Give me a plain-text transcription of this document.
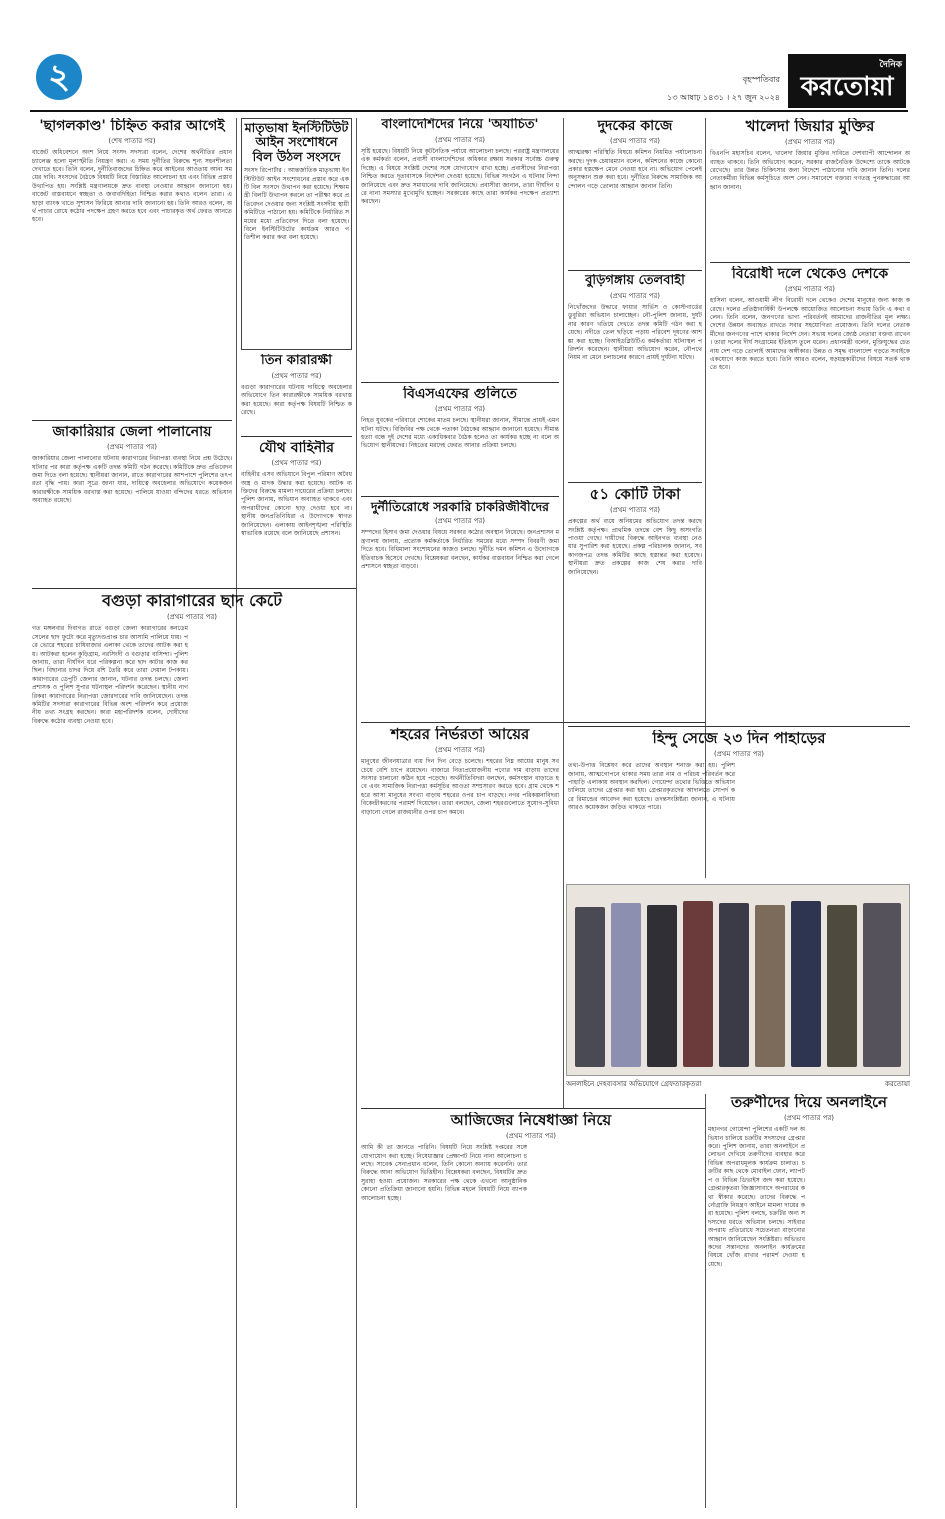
২	বৃহস্পতিবার
১৩ আষাঢ় ১৪৩১ । ২৭ জুন ২০২৪
দৈনিক
করতোয়া
'ছাগলকাণ্ড' চিহ্নিত করার আগেই
(শেষ পাতার পর)
বাজেট অধিবেশনে অংশ নিয়ে সংসদ সদস্যরা বলেন, দেশের অর্থনীতির প্রধান চ্যালেঞ্জ হলো মূল্যস্ফীতি নিয়ন্ত্রণ করা। এ সময় দুর্নীতির বিরুদ্ধে শূন্য সহনশীলতা দেখাতে হবে। তিনি বলেন, দুর্নীতিবাজদের চিহ্নিত করে আইনের আওতায় আনা সময়ের দাবি। সংসদের বৈঠকে বিষয়টি নিয়ে বিস্তারিত আলোচনা হয় এবং বিভিন্ন প্রস্তাব উত্থাপিত হয়। সংশ্লিষ্ট মন্ত্রণালয়কে দ্রুত ব্যবস্থা নেওয়ার আহ্বান জানানো হয়। বাজেট বাস্তবায়নে স্বচ্ছতা ও জবাবদিহিতা নিশ্চিত করার কথাও বলেন তারা। এ ছাড়া ব্যাংক খাতে সুশাসন ফিরিয়ে আনার দাবি জানানো হয়। তিনি আরও বলেন, অর্থ পাচার রোধে কঠোর পদক্ষেপ গ্রহণ করতে হবে এবং পাচারকৃত অর্থ ফেরত আনতে হবে।
জাকারিয়ার জেলা পালানোয়
(প্রথম পাতার পর)
জাকারিয়ার জেলা পালানোর ঘটনায় কারাগারের নিরাপত্তা ব্যবস্থা নিয়ে প্রশ্ন উঠেছে। ঘটনার পর কারা কর্তৃপক্ষ একটি তদন্ত কমিটি গঠন করেছে। কমিটিকে দ্রুত প্রতিবেদন জমা দিতে বলা হয়েছে। স্থানীয়রা জানান, রাতে কারাগারের আশপাশে পুলিশের তৎপরতা বৃদ্ধি পায়। কারা সূত্রে জানা যায়, দায়িত্বে অবহেলার অভিযোগে কয়েকজন কারারক্ষীকে সাময়িক বরখাস্ত করা হয়েছে। পালিয়ে যাওয়া বন্দিদের ধরতে অভিযান অব্যাহত রয়েছে।
বগুড়া কারাগারের ছাদ কেটে
(প্রথম পাতার পর)
গত মঙ্গলবার দিবাগত রাতে বগুড়া জেলা কারাগারের কনডেম সেলের ছাদ ফুটো করে মৃত্যুদণ্ডপ্রাপ্ত চার আসামি পালিয়ে যায়। পরে ভোরে শহরের চাষিবাজার এলাকা থেকে তাদের আটক করা হয়। আটকরা হলেন কুড়িগ্রাম, নরসিংদী ও বগুড়ার বাসিন্দা। পুলিশ জানায়, তারা দীর্ঘদিন ধরে পরিকল্পনা করে ছাদ কাটার কাজ করছিল। বিছানার চাদর দিয়ে রশি তৈরি করে তারা দেয়াল টপকায়। কারাগারের ডেপুটি জেলার জানান, ঘটনার তদন্ত চলছে। জেলা প্রশাসক ও পুলিশ সুপার ঘটনাস্থল পরিদর্শন করেছেন। স্থানীয় নাগরিকরা কারাগারের নিরাপত্তা জোরদারের দাবি জানিয়েছেন। তদন্ত কমিটির সদস্যরা কারাগারের বিভিন্ন অংশ পরিদর্শন করে প্রয়োজনীয় তথ্য সংগ্রহ করছেন। কারা মহাপরিদর্শক বলেন, দোষীদের বিরুদ্ধে কঠোর ব্যবস্থা নেওয়া হবে।
মাতৃভাষা ইনস্টিটিউট আইন সংশোধনে বিল উঠল সংসদে
সংসদ রিপোর্টার : আন্তর্জাতিক মাতৃভাষা ইনস্টিটিউট আইন সংশোধনের প্রস্তাব করে একটি বিল সংসদে উত্থাপন করা হয়েছে। শিক্ষামন্ত্রী বিলটি উত্থাপন করলে তা পরীক্ষা করে প্রতিবেদন দেওয়ার জন্য সংশ্লিষ্ট সংসদীয় স্থায়ী কমিটিতে পাঠানো হয়। কমিটিকে নির্ধারিত সময়ের মধ্যে প্রতিবেদন দিতে বলা হয়েছে। বিলে ইনস্টিটিউটের কার্যক্রম আরও গতিশীল করার কথা বলা হয়েছে।
তিন কারারক্ষী
(প্রথম পাতার পর)
বগুড়া কারাগারের ঘটনায় দায়িত্বে অবহেলার অভিযোগে তিন কারারক্ষীকে সাময়িক বরখাস্ত করা হয়েছে। কারা কর্তৃপক্ষ বিষয়টি নিশ্চিত করেছে।
যৌথ বাহিনীর
(প্রথম পাতার পর)
বাহিনীর এসব অভিযানে বিপুল পরিমাণ অবৈধ অস্ত্র ও মাদক উদ্ধার করা হয়েছে। আটক ব্যক্তিদের বিরুদ্ধে মামলা দায়েরের প্রক্রিয়া চলছে। পুলিশ জানায়, অভিযান অব্যাহত থাকবে এবং অপরাধীদের কোনো ছাড় দেওয়া হবে না। স্থানীয় জনপ্রতিনিধিরা এ উদ্যোগকে স্বাগত জানিয়েছেন। এলাকায় আইনশৃঙ্খলা পরিস্থিতি স্বাভাবিক রয়েছে বলে জানিয়েছে প্রশাসন।
বাংলাদেশিদের নিয়ে 'অযাচিত'
(প্রথম পাতার পর)
সৃষ্টি হয়েছে। বিষয়টি নিয়ে কূটনৈতিক পর্যায়ে আলোচনা চলছে। পররাষ্ট্র মন্ত্রণালয়ের এক কর্মকর্তা বলেন, প্রবাসী বাংলাদেশিদের অধিকার রক্ষায় সরকার সর্বোচ্চ গুরুত্ব দিচ্ছে। এ বিষয়ে সংশ্লিষ্ট দেশের সঙ্গে যোগাযোগ রাখা হচ্ছে। প্রবাসীদের নিরাপত্তা নিশ্চিত করতে দূতাবাসকে নির্দেশনা দেওয়া হয়েছে। বিভিন্ন সংগঠন এ ঘটনার নিন্দা জানিয়েছে এবং দ্রুত সমাধানের দাবি জানিয়েছে। প্রবাসীরা জানান, তারা দীর্ঘদিন ধরে নানা সমস্যার মুখোমুখি হচ্ছেন। সরকারের কাছে তারা কার্যকর পদক্ষেপ প্রত্যাশা করছেন।
বিএসএফের গুলিতে
(প্রথম পাতার পর)
নিহত যুবকের পরিবারে শোকের মাতম চলছে। স্থানীয়রা জানান, সীমান্তে প্রায়ই এমন ঘটনা ঘটছে। বিজিবির পক্ষ থেকে পতাকা বৈঠকের আহ্বান জানানো হয়েছে। সীমান্ত হত্যা বন্ধে দুই দেশের মধ্যে একাধিকবার বৈঠক হলেও তা কার্যকর হচ্ছে না বলে অভিযোগ স্থানীয়দের। নিহতের মরদেহ ফেরত আনার প্রক্রিয়া চলছে।
দুর্নীতিরোধে সরকারি চাকরিজীবীদের
(প্রথম পাতার পর)
সম্পদের হিসাব জমা দেওয়ার বিষয়ে সরকার কঠোর অবস্থান নিয়েছে। জনপ্রশাসন মন্ত্রণালয় জানায়, প্রত্যেক কর্মকর্তাকে নির্ধারিত সময়ের মধ্যে সম্পদ বিবরণী জমা দিতে হবে। বিধিমালা সংশোধনের কাজও চলছে। দুর্নীতি দমন কমিশন এ উদ্যোগকে ইতিবাচক হিসেবে দেখছে। বিশ্লেষকরা বলছেন, কার্যকর বাস্তবায়ন নিশ্চিত করা গেলে প্রশাসনে স্বচ্ছতা বাড়বে।
শহরের নির্ভরতা আয়ের
(প্রথম পাতার পর)
মানুষের জীবনযাত্রার ব্যয় দিন দিন বেড়ে চলেছে। শহরের নিম্ন আয়ের মানুষ সবচেয়ে বেশি চাপে রয়েছেন। বাজারে নিত্যপ্রয়োজনীয় পণ্যের দাম বাড়ায় তাদের সংসার চালানো কঠিন হয়ে পড়েছে। অর্থনীতিবিদরা বলছেন, কর্মসংস্থান বাড়াতে হবে এবং সামাজিক নিরাপত্তা কর্মসূচির আওতা সম্প্রসারণ করতে হবে। গ্রাম থেকে শহরে আসা মানুষের সংখ্যা বাড়ায় শহরের ওপর চাপ বাড়ছে। নগর পরিকল্পনাবিদরা বিকেন্দ্রীকরণের পরামর্শ দিয়েছেন। তারা বলছেন, জেলা শহরগুলোতে সুযোগ-সুবিধা বাড়ানো গেলে রাজধানীর ওপর চাপ কমবে।
আজিজের নিষেধাজ্ঞা নিয়ে
(প্রথম পাতার পর)
আমি কী তা জানতে পারিনি। বিষয়টি নিয়ে সংশ্লিষ্ট দপ্তরের সঙ্গে যোগাযোগ করা হচ্ছে। নিষেধাজ্ঞার প্রেক্ষাপট নিয়ে নানা আলোচনা চলছে। সাবেক সেনাপ্রধান বলেন, তিনি কোনো অন্যায় করেননি। তার বিরুদ্ধে আনা অভিযোগ ভিত্তিহীন। বিশ্লেষকরা বলছেন, বিষয়টির দ্রুত সুরাহা হওয়া প্রয়োজন। সরকারের পক্ষ থেকে এখনো আনুষ্ঠানিক কোনো প্রতিক্রিয়া জানানো হয়নি। বিভিন্ন মহলে বিষয়টি নিয়ে ব্যাপক আলোচনা হচ্ছে।
দুদকের কাজে
(প্রথম পাতার পর)
আত্মরক্ষা পরিস্থিতি বিষয়ে কমিশন নিয়মিত পর্যালোচনা করছে। দুদক চেয়ারম্যান বলেন, কমিশনের কাজে কোনো প্রকার হস্তক্ষেপ মেনে নেওয়া হবে না। অভিযোগ পেলেই অনুসন্ধান শুরু করা হবে। দুর্নীতির বিরুদ্ধে সামাজিক আন্দোলন গড়ে তোলার আহ্বান জানান তিনি।
বুড়িগঙ্গায় তেলবাহী
(প্রথম পাতার পর)
নিখোঁজদের উদ্ধারে ফায়ার সার্ভিস ও কোস্টগার্ডের ডুবুরিরা অভিযান চালাচ্ছেন। নৌ-পুলিশ জানায়, দুর্ঘটনার কারণ খতিয়ে দেখতে তদন্ত কমিটি গঠন করা হয়েছে। নদীতে তেল ছড়িয়ে পড়ায় পরিবেশ দূষণের আশঙ্কা করা হচ্ছে। বিআইডব্লিউটিএ কর্মকর্তারা ঘটনাস্থল পরিদর্শন করেছেন। স্থানীয়রা অভিযোগ করেন, নৌপথে নিয়ম না মেনে চলাচলের কারণে প্রায়ই দুর্ঘটনা ঘটছে।
৫১ কোটি টাকা
(প্রথম পাতার পর)
প্রকল্পের অর্থ ব্যয়ে অনিয়মের অভিযোগ তদন্ত করছে সংশ্লিষ্ট কর্তৃপক্ষ। প্রাথমিক তদন্তে বেশ কিছু অসংগতি পাওয়া গেছে। দায়ীদের বিরুদ্ধে আইনগত ব্যবস্থা নেওয়ার সুপারিশ করা হয়েছে। প্রকল্প পরিচালক জানান, সব কাগজপত্র তদন্ত কমিটির কাছে হস্তান্তর করা হয়েছে। স্থানীয়রা দ্রুত প্রকল্পের কাজ শেষ করার দাবি জানিয়েছেন।
খালেদা জিয়ার মুক্তির
(প্রথম পাতার পর)
বিএনপি মহাসচিব বলেন, খালেদা জিয়ার মুক্তির দাবিতে দেশব্যাপী আন্দোলন অব্যাহত থাকবে। তিনি অভিযোগ করেন, সরকার রাজনৈতিক উদ্দেশ্যে তাকে আটকে রেখেছে। তার উন্নত চিকিৎসার জন্য বিদেশে পাঠানোর দাবি জানান তিনি। দলের নেতাকর্মীরা বিভিন্ন কর্মসূচিতে অংশ নেন। সমাবেশে বক্তারা গণতন্ত্র পুনরুদ্ধারের আহ্বান জানান।
বিরোধী দলে থেকেও দেশকে
(প্রথম পাতার পর)
হাসিনা বলেন, আওয়ামী লীগ বিরোধী দলে থেকেও দেশের মানুষের জন্য কাজ করেছে। দলের প্রতিষ্ঠাবার্ষিকী উপলক্ষে আয়োজিত আলোচনা সভায় তিনি এ কথা বলেন। তিনি বলেন, জনগণের ভাগ্য পরিবর্তনই আমাদের রাজনীতির মূল লক্ষ্য। দেশের উন্নয়ন অব্যাহত রাখতে সবার সহযোগিতা প্রয়োজন। তিনি দলের নেতাকর্মীদের জনগণের পাশে থাকার নির্দেশ দেন। সভায় দলের জ্যেষ্ঠ নেতারা বক্তব্য রাখেন। তারা দলের দীর্ঘ সংগ্রামের ইতিহাস তুলে ধরেন। প্রধানমন্ত্রী বলেন, মুক্তিযুদ্ধের চেতনায় দেশ গড়ে তোলাই আমাদের অঙ্গীকার। উন্নত ও সমৃদ্ধ বাংলাদেশ গড়তে সবাইকে একযোগে কাজ করতে হবে। তিনি আরও বলেন, ষড়যন্ত্রকারীদের বিষয়ে সতর্ক থাকতে হবে।
হিন্দু সেজে ২৩ দিন পাহাড়ের
(প্রথম পাতার পর)
তথ্য-উপাত্ত বিশ্লেষণ করে তাদের অবস্থান শনাক্ত করা হয়। পুলিশ জানায়, আত্মগোপনে থাকার সময় তারা নাম ও পরিচয় পরিবর্তন করে পাহাড়ি এলাকায় অবস্থান করছিল। গোয়েন্দা তথ্যের ভিত্তিতে অভিযান চালিয়ে তাদের গ্রেপ্তার করা হয়। গ্রেপ্তারকৃতদের আদালতে সোপর্দ করে রিমান্ডের আবেদন করা হয়েছে। তদন্তসংশ্লিষ্টরা জানান, এ ঘটনায় আরও কয়েকজন জড়িত থাকতে পারে।
অনলাইনে দেহব্যবসার অভিযোগে গ্রেফতারকৃতরা	করতোয়া
তরুণীদের দিয়ে অনলাইনে
(প্রথম পাতার পর)
মহানগর গোয়েন্দা পুলিশের একটি দল অভিযান চালিয়ে চক্রটির সদস্যদের গ্রেপ্তার করে। পুলিশ জানায়, তারা অনলাইনে প্রলোভন দেখিয়ে তরুণীদের ব্যবহার করে বিভিন্ন অপরাধমূলক কার্যক্রম চালাত। চক্রটির কাছ থেকে মোবাইল ফোন, ল্যাপটপ ও বিভিন্ন ডিভাইস জব্দ করা হয়েছে। গ্রেপ্তারকৃতরা জিজ্ঞাসাবাদে অপরাধের কথা স্বীকার করেছে। তাদের বিরুদ্ধে পর্নোগ্রাফি নিয়ন্ত্রণ আইনে মামলা দায়ের করা হয়েছে। পুলিশ বলছে, চক্রটির অন্য সদস্যদের ধরতে অভিযান চলছে। সাইবার অপরাধ প্রতিরোধে সচেতনতা বাড়ানোর আহ্বান জানিয়েছেন সংশ্লিষ্টরা। অভিভাবকদের সন্তানদের অনলাইন কার্যক্রমের বিষয়ে খোঁজ রাখার পরামর্শ দেওয়া হয়েছে।
